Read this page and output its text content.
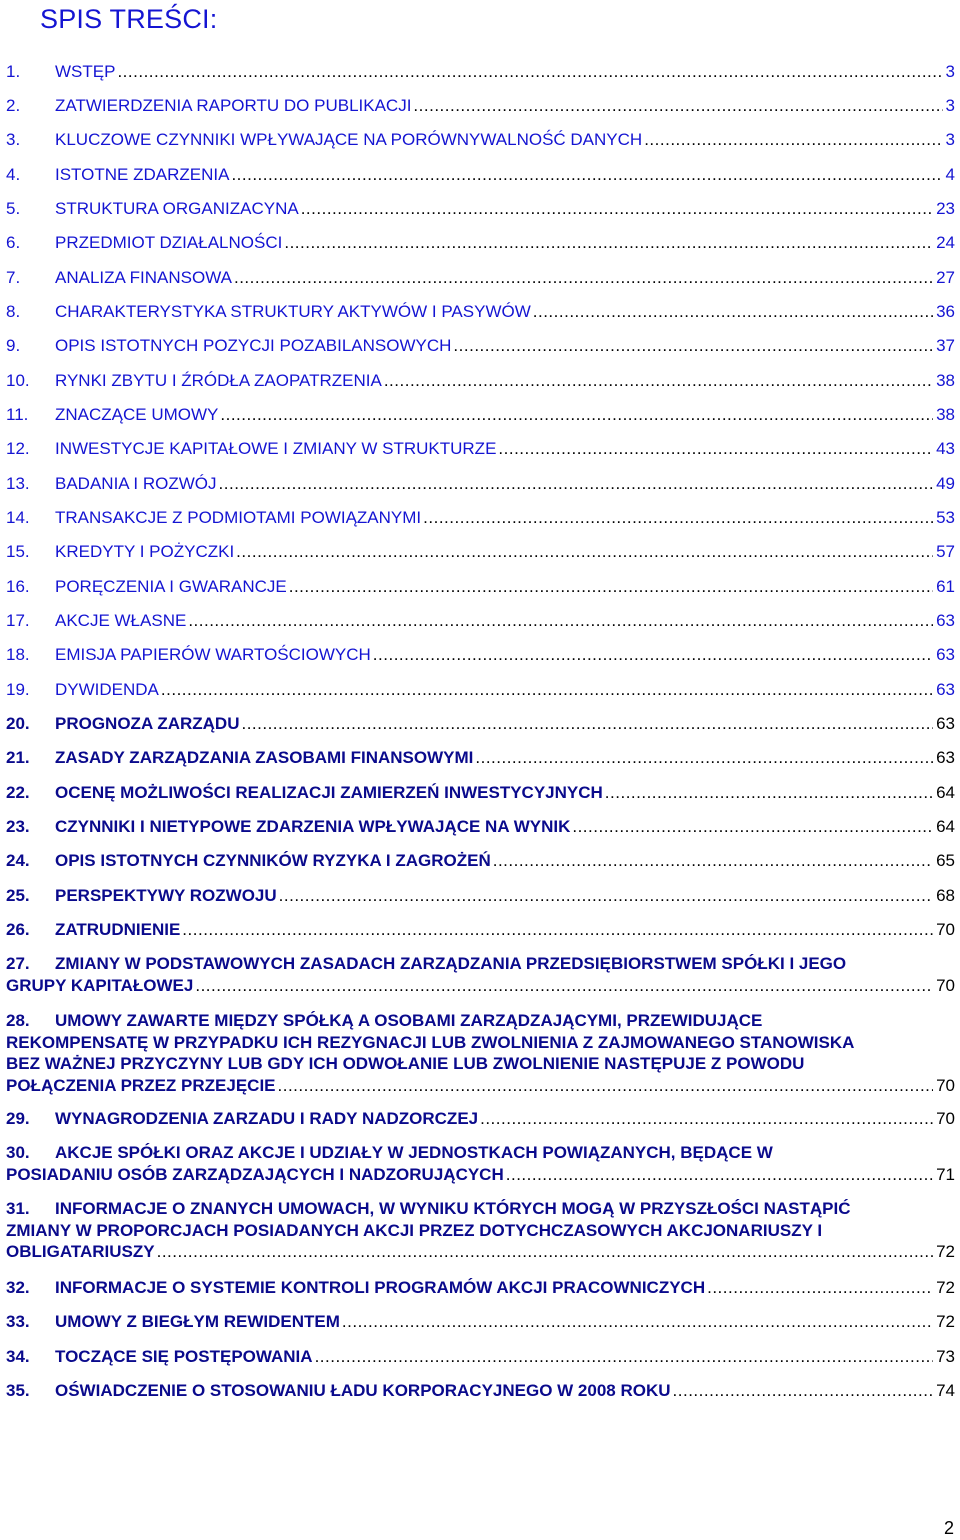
SPIS TREŚCI:
1.	WSTĘP .....	3
2.	ZATWIERDZENIA RAPORTU DO PUBLIKACJI .....	3
3.	KLUCZOWE CZYNNIKI WPŁYWAJĄCE NA PORÓWNYWALNOŚĆ DANYCH .....	3
4.	ISTOTNE ZDARZENIA .....	4
5.	STRUKTURA ORGANIZACYNA .....	23
6.	PRZEDMIOT DZIAŁALNOŚCI .....	24
7.	ANALIZA FINANSOWA .....	27
8.	CHARAKTERYSTYKA STRUKTURY AKTYWÓW I PASYWÓW .....	36
9.	OPIS ISTOTNYCH POZYCJI POZABILANSOWYCH .....	37
10.	RYNKI ZBYTU I ŹRÓDŁA ZAOPATRZENIA .....	38
11.	ZNACZĄCE UMOWY .....	38
12.	INWESTYCJE KAPITAŁOWE I ZMIANY W STRUKTURZE .....	43
13.	BADANIA I ROZWÓJ .....	49
14.	TRANSAKCJE Z PODMIOTAMI POWIĄZANYMI .....	53
15.	KREDYTY I POŻYCZKI .....	57
16.	PORĘCZENIA I GWARANCJE .....	61
17.	AKCJE WŁASNE .....	63
18.	EMISJA PAPIERÓW WARTOŚCIOWYCH .....	63
19.	DYWIDENDA .....	63
20.	PROGNOZA ZARZĄDU .....	63
21.	ZASADY ZARZĄDZANIA ZASOBAMI FINANSOWYMI .....	63
22.	OCENĘ MOŻLIWOŚCI REALIZACJI ZAMIERZEŃ INWESTYCYJNYCH .....	64
23.	CZYNNIKI I NIETYPOWE ZDARZENIA WPŁYWAJĄCE NA WYNIK .....	64
24.	OPIS ISTOTNYCH CZYNNIKÓW RYZYKA I ZAGROŻEŃ .....	65
25.	PERSPEKTYWY ROZWOJU .....	68
26.	ZATRUDNIENIE .....	70
27.	ZMIANY W PODSTAWOWYCH ZASADACH ZARZĄDZANIA PRZEDSIĘBIORSTWEM SPÓŁKI I JEGO
GRUPY KAPITAŁOWEJ .....	70
28.	UMOWY ZAWARTE MIĘDZY SPÓŁKĄ A OSOBAMI ZARZĄDZAJĄCYMI, PRZEWIDUJĄCE
REKOMPENSATĘ W PRZYPADKU ICH REZYGNACJI LUB ZWOLNIENIA Z ZAJMOWANEGO STANOWISKA
BEZ WAŻNEJ PRZYCZYNY LUB GDY ICH ODWOŁANIE LUB ZWOLNIENIE NASTĘPUJE Z POWODU
POŁĄCZENIA PRZEZ PRZEJĘCIE .....	70
29.	WYNAGRODZENIA ZARZADU I RADY NADZORCZEJ .....	70
30.	AKCJE SPÓŁKI ORAZ AKCJE I UDZIAŁY W JEDNOSTKACH POWIĄZANYCH, BĘDĄCE W
POSIADANIU OSÓB ZARZĄDZAJĄCYCH I NADZORUJĄCYCH .....	71
31.	INFORMACJE O ZNANYCH UMOWACH, W WYNIKU KTÓRYCH MOGĄ W PRZYSZŁOŚCI NASTĄPIĆ
ZMIANY W PROPORCJACH POSIADANYCH AKCJI PRZEZ DOTYCHCZASOWYCH AKCJONARIUSZY I
OBLIGATARIUSZY .....	72
32.	INFORMACJE O SYSTEMIE KONTROLI PROGRAMÓW AKCJI PRACOWNICZYCH .....	72
33.	UMOWY Z BIEGŁYM REWIDENTEM .....	72
34.	TOCZĄCE SIĘ POSTĘPOWANIA .....	73
35.	OŚWIADCZENIE O STOSOWANIU ŁADU KORPORACYJNEGO W 2008 ROKU .....	74
2
